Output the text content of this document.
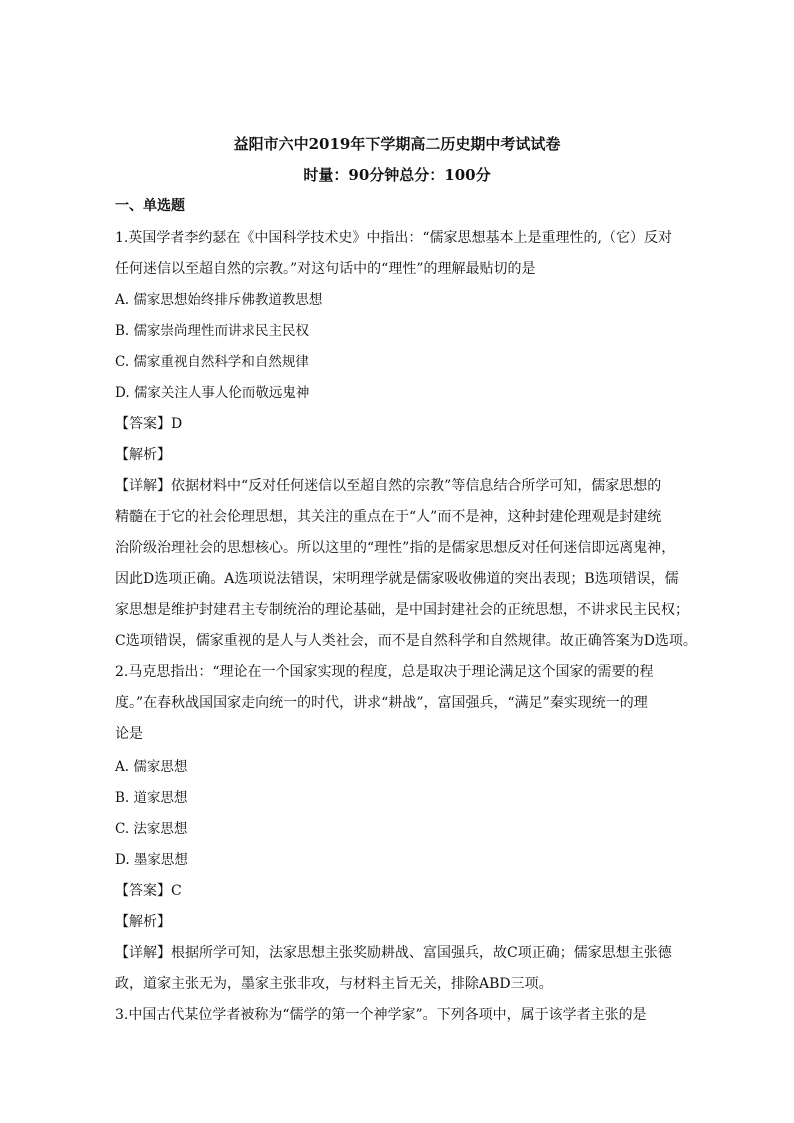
益阳市六中2019年下学期高二历史期中考试试卷
时量：90分钟总分：100分
一、单选题
1.英国学者李约瑟在《中国科学技术史》中指出：“儒家思想基本上是重理性的,（它）反对
任何迷信以至超自然的宗教。”对这句话中的“理性”的理解最贴切的是
A. 儒家思想始终排斥佛教道教思想
B. 儒家崇尚理性而讲求民主民权
C. 儒家重视自然科学和自然规律
D. 儒家关注人事人伦而敬远鬼神
【答案】D
【解析】
【详解】依据材料中“反对任何迷信以至超自然的宗教”等信息结合所学可知，儒家思想的
精髓在于它的社会伦理思想，其关注的重点在于“人”而不是神，这种封建伦理观是封建统
治阶级治理社会的思想核心。所以这里的“理性”指的是儒家思想反对任何迷信即远离鬼神，
因此D选项正确。A选项说法错误，宋明理学就是儒家吸收佛道的突出表现；B选项错误，儒
家思想是维护封建君主专制统治的理论基础，是中国封建社会的正统思想，不讲求民主民权；
C选项错误，儒家重视的是人与人类社会，而不是自然科学和自然规律。故正确答案为D选项。
2.马克思指出：“理论在一个国家实现的程度，总是取决于理论满足这个国家的需要的程
度。”在春秋战国国家走向统一的时代，讲求“耕战”，富国强兵，“满足”秦实现统一的理
论是
A. 儒家思想
B. 道家思想
C. 法家思想
D. 墨家思想
【答案】C
【解析】
【详解】根据所学可知，法家思想主张奖励耕战、富国强兵，故C项正确；儒家思想主张德
政，道家主张无为，墨家主张非攻，与材料主旨无关，排除ABD三项。
3.中国古代某位学者被称为“儒学的第一个神学家”。下列各项中，属于该学者主张的是
